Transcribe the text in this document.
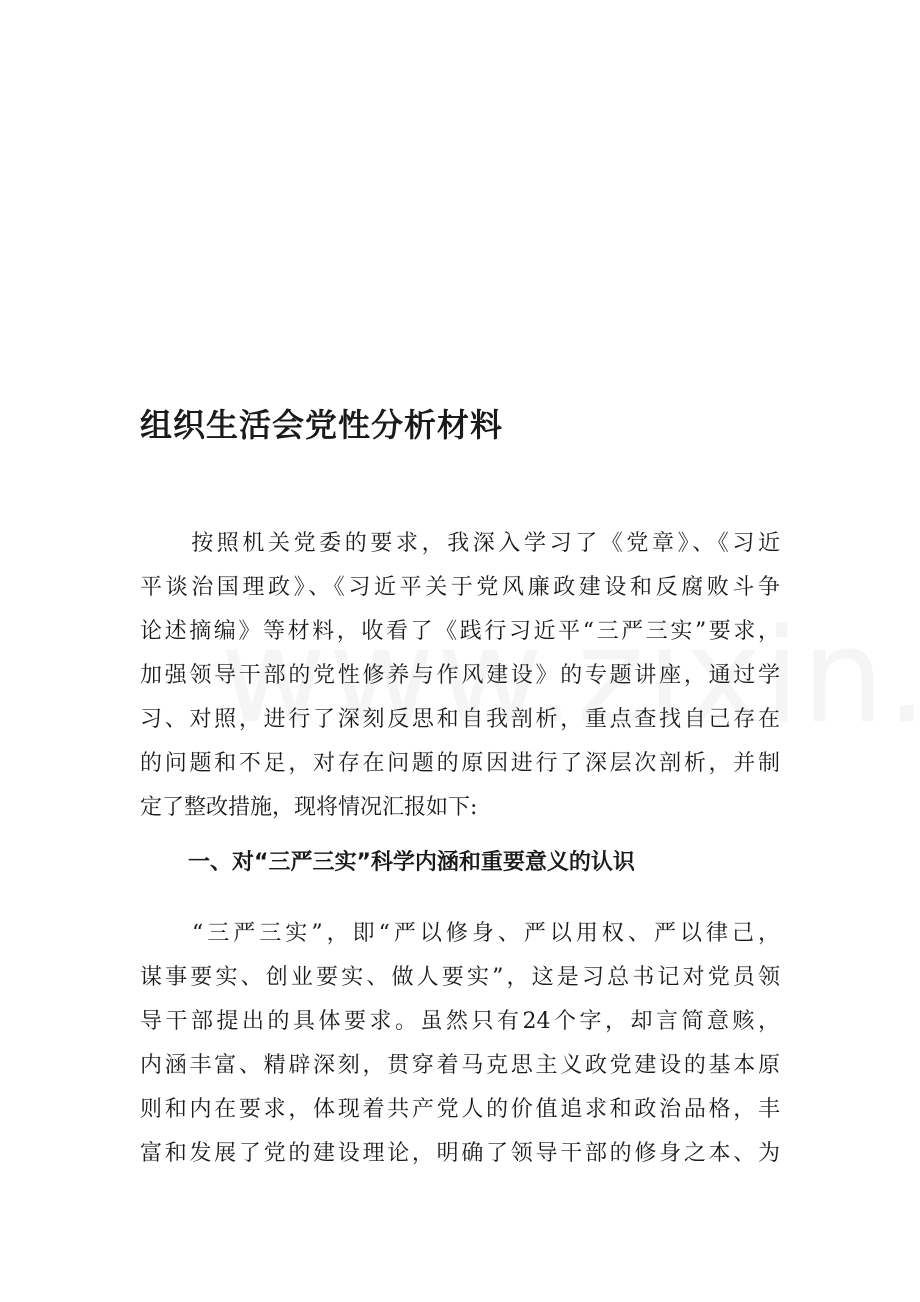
组织生活会党性分析材料
　　按照机关党委的要求，我深入学习了《党章》、《习近
平谈治国理政》、《习近平关于党风廉政建设和反腐败斗争
论述摘编》等材料，收看了《践行习近平“三严三实”要求，
加强领导干部的党性修养与作风建设》的专题讲座，通过学
习、对照，进行了深刻反思和自我剖析，重点查找自己存在
的问题和不足，对存在问题的原因进行了深层次剖析，并制
定了整改措施，现将情况汇报如下:
一、对“三严三实”科学内涵和重要意义的认识
　　“三严三实”，即“严以修身、严以用权、严以律己，
谋事要实、创业要实、做人要实”，这是习总书记对党员领
导干部提出的具体要求。虽然只有24个字，却言简意赅，
内涵丰富、精辟深刻，贯穿着马克思主义政党建设的基本原
则和内在要求，体现着共产党人的价值追求和政治品格，丰
富和发展了党的建设理论，明确了领导干部的修身之本、为
